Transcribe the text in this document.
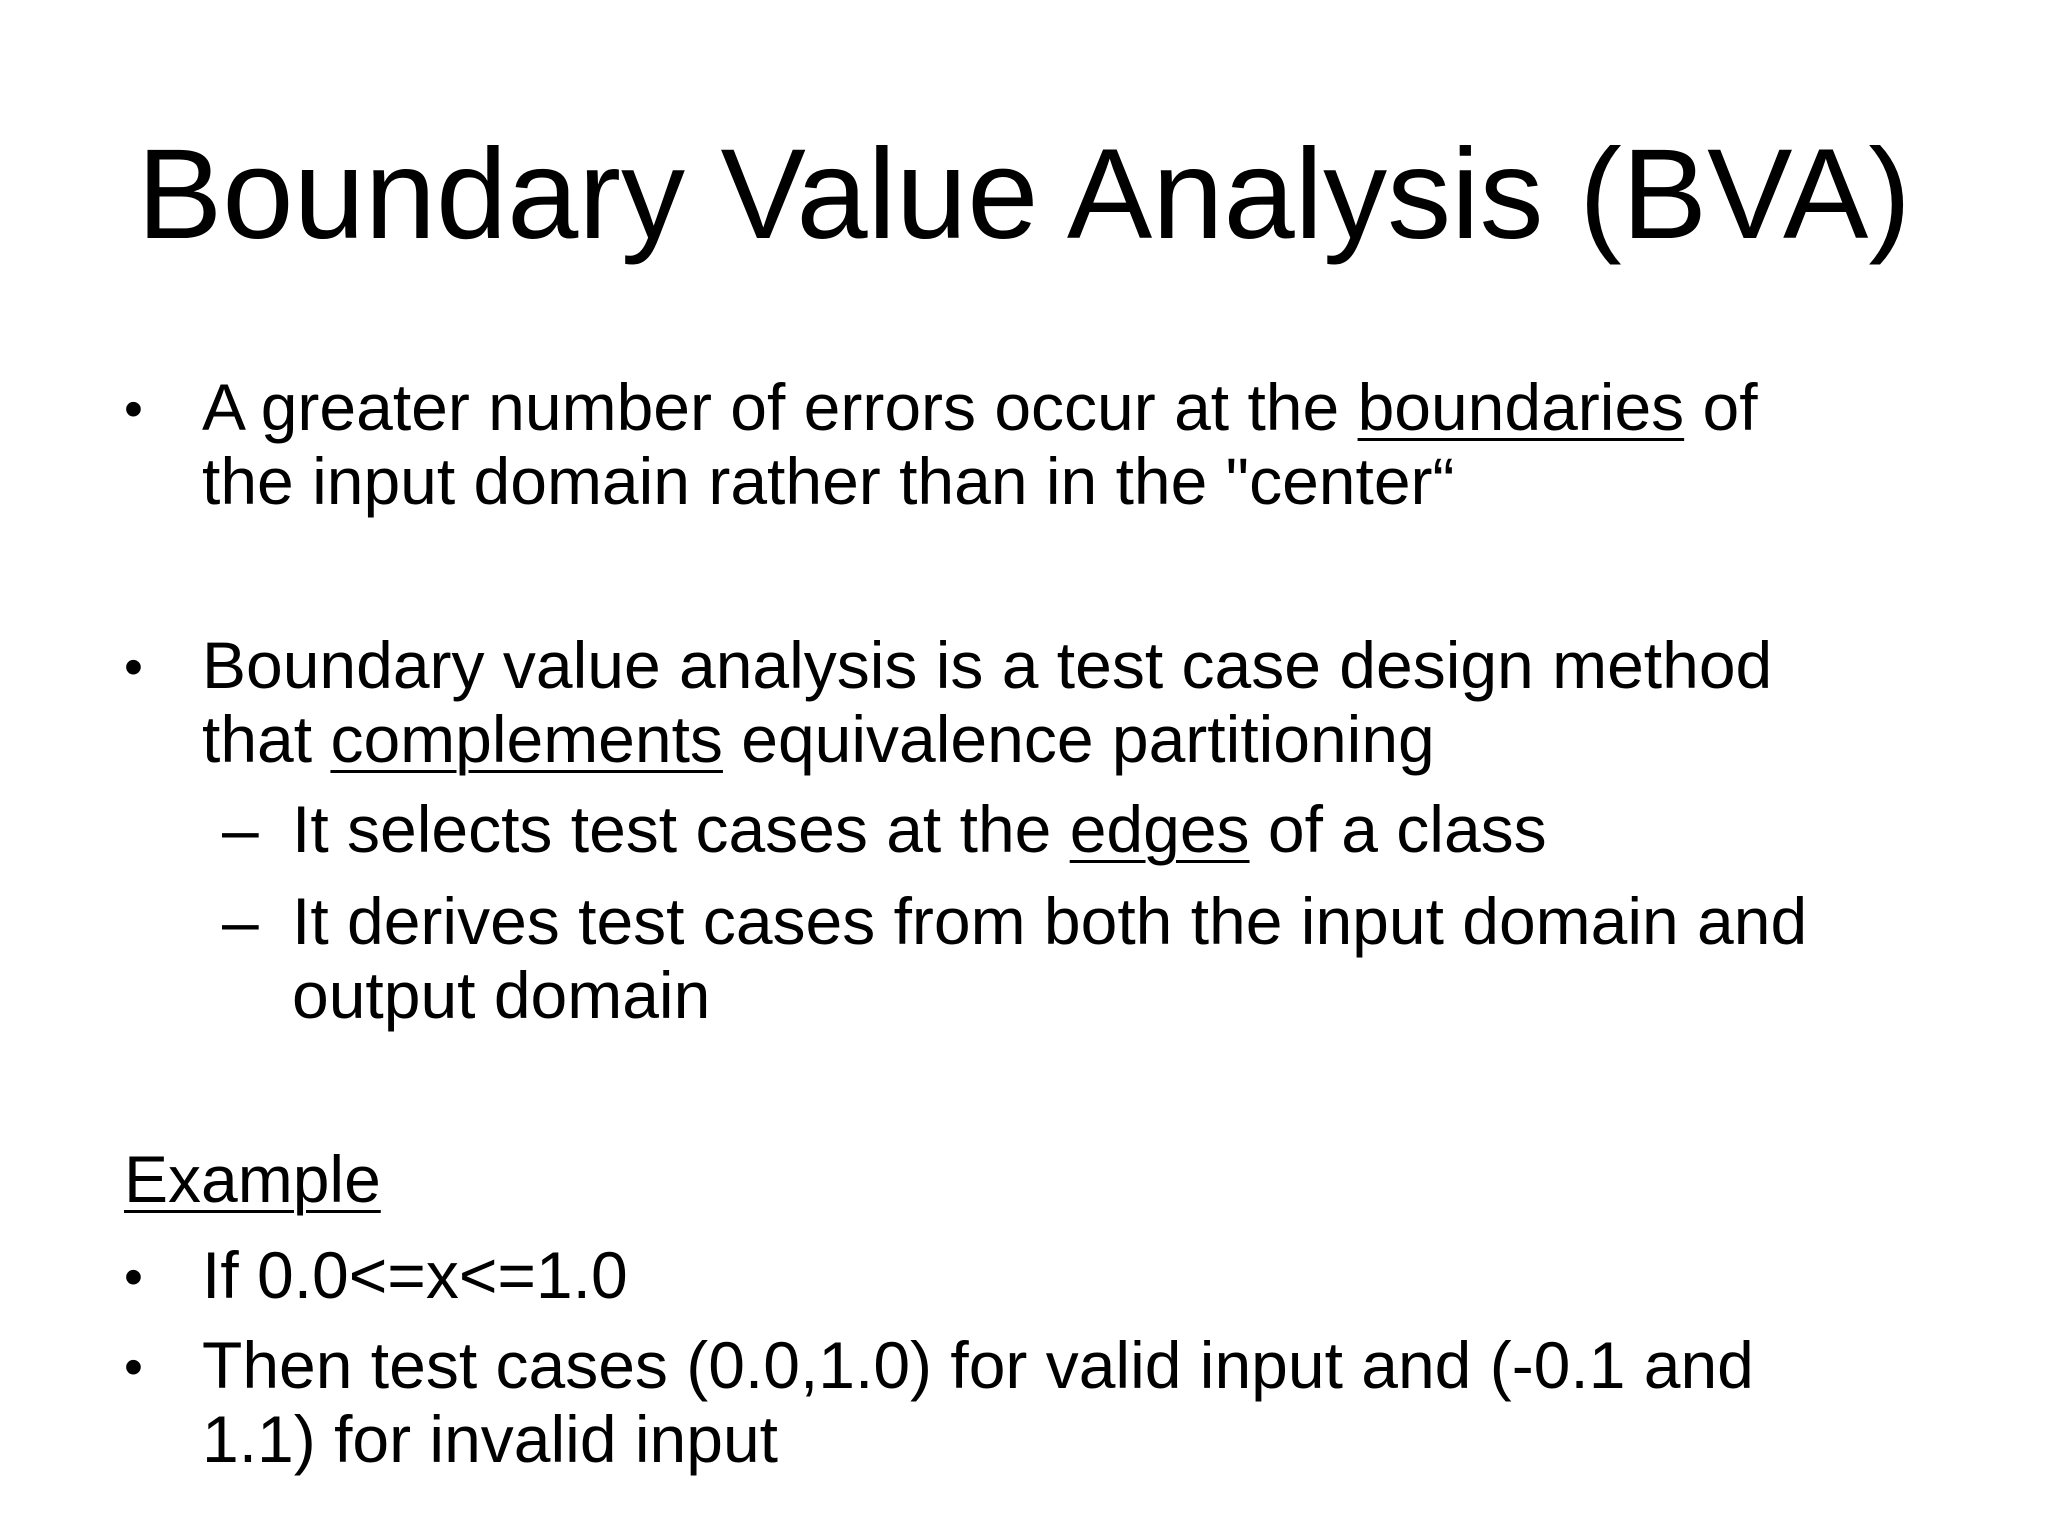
Boundary Value Analysis (BVA)
• A greater number of errors occur at the boundaries of
the input domain rather than in the "center“
• Boundary value analysis is a test case design method
that complements equivalence partitioning
– It selects test cases at the edges of a class
– It derives test cases from both the input domain and
output domain
Example
• If 0.0<=x<=1.0
• Then test cases (0.0,1.0) for valid input and (-0.1 and
1.1) for invalid input
